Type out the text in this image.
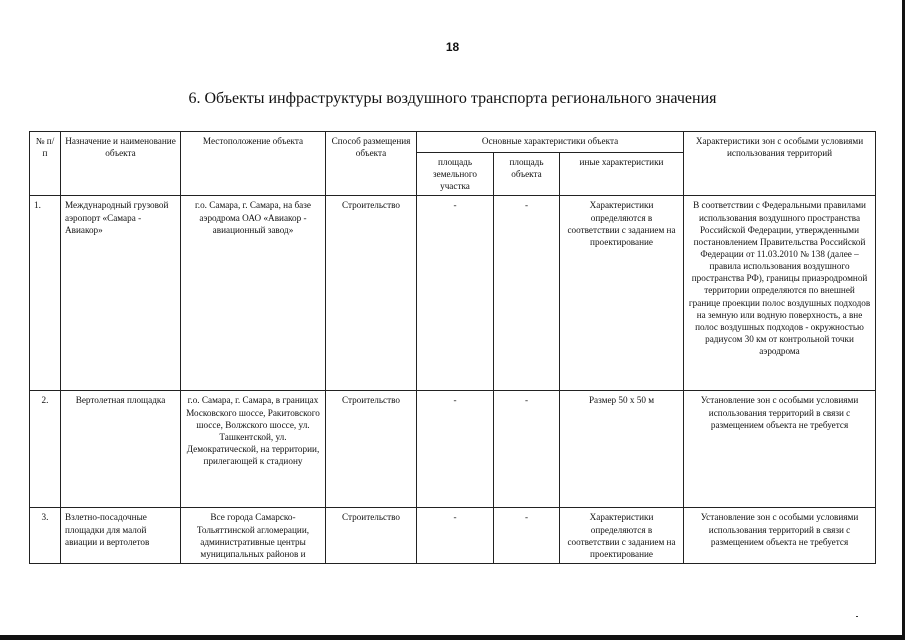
18
6. Объекты инфраструктуры воздушного транспорта регионального значения
№ п/п	Назначение и наименование объекта	Местоположение объекта	Способ размещения объекта	Основные характеристики объекта			Характеристики зон с особыми условиями использования территорий
				площадь земельного участка	площадь объекта	иные характеристики	
1.	Международный грузовой аэропорт «Самара - Авиакор»	г.о. Самара, г. Самара, на базе аэродрома ОАО «Авиакор - авиационный завод»	Строительство	-	-	Характеристики определяются в соответствии с заданием на проектирование	В соответствии с Федеральными правилами использования воздушного пространства Российской Федерации, утвержденными постановлением Правительства Российской Федерации от 11.03.2010 № 138 (далее – правила использования воздушного пространства РФ), границы приаэродромной территории определяются по внешней границе проекции полос воздушных подходов на земную или водную поверхность, а вне полос воздушных подходов - окружностью радиусом 30 км от контрольной точки аэродрома
2.	Вертолетная площадка	г.о. Самара, г. Самара, в границах Московского шоссе, Ракитовского шоссе, Волжского шоссе, ул. Ташкентской, ул. Демократической, на территории, прилегающей к стадиону	Строительство	-	-	Размер 50 х 50 м	Установление зон с особыми условиями использования территорий в связи с размещением объекта не требуется
3.	Взлетно-посадочные площадки для малой авиации и вертолетов	Все города Самарско-Тольяттинской агломерации, административные центры муниципальных районов и	Строительство	-	-	Характеристики определяются в соответствии с заданием на проектирование	Установление зон с особыми условиями использования территорий в связи с размещением объекта не требуется
